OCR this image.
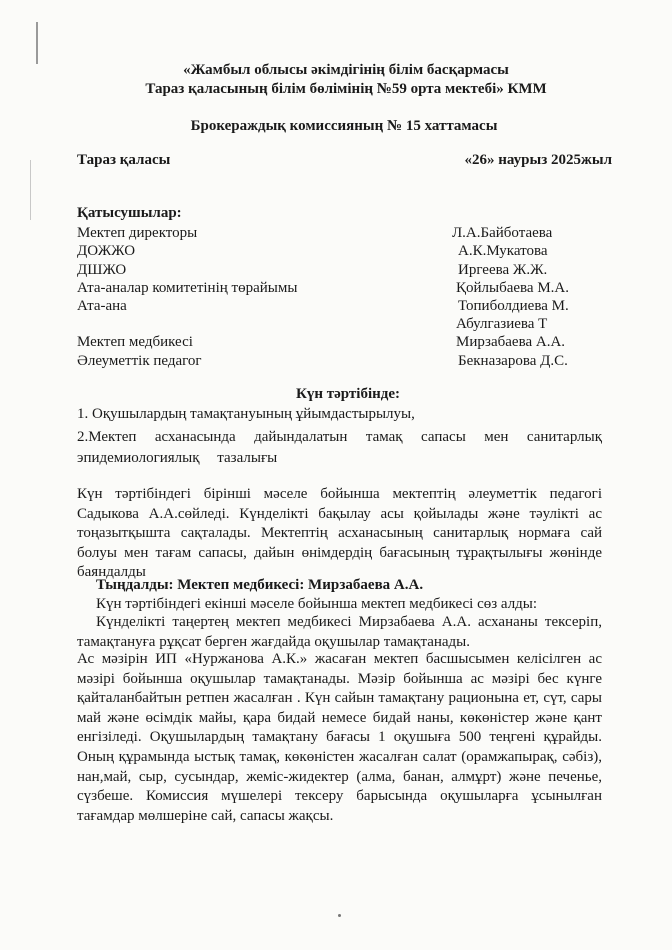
«Жамбыл облысы әкімдігінің білім басқармасы
Тараз қаласының білім бөлімінің №59 орта мектебі» КММ
Брокераждық комиссияның № 15 хаттамасы
Тараз қаласы	«26» наурыз 2025жыл
Қатысушылар:
Мектеп директоры	Л.А.Байботаева
ДОЖЖО	А.К.Мукатова
ДШЖО	Иргеева Ж.Ж.
Ата-аналар комитетінің төрайымы	Қойлыбаева М.А.
Ата-ана	Топиболдиева М.
Абулгазиева Т
Мектеп медбикесі	Мирзабаева А.А.
Әлеуметтік педагог	Бекназарова Д.С.
Күн тәртібінде:
1. Оқушылардың тамақтануының ұйымдастырылуы,
2.Мектеп асханасында дайындалатын тамақ сапасы мен санитарлық эпидемиологиялық тазалығы
Күн тәртібіндегі бірінші мәселе бойынша мектептің әлеуметтік педагогі Садыкова А.А.сөйледі. Күнделікті бақылау асы қойылады және тәулікті ас тоңазытқышта сақталады. Мектептің асханасының санитарлық нормаға сай болуы мен тағам сапасы, дайын өнімдердің бағасының тұрақтылығы жөнінде баяндалды
Тыңдалды: Мектеп медбикесі: Мирзабаева А.А.
Күн тәртібіндегі екінші мәселе бойынша мектеп медбикесі сөз алды:
Күнделікті таңертең мектеп медбикесі Мирзабаева А.А. асхананы тексеріп, тамақтануға рұқсат берген жағдайда оқушылар тамақтанады.
Ас мәзірін ИП «Нуржанова А.К.» жасаған мектеп басшысымен келісілген ас мәзірі бойынша оқушылар тамақтанады. Мәзір бойынша ас мәзірі бес күнге қайталанбайтын ретпен жасалған . Күн сайын тамақтану рационына ет, сүт, сары май және өсімдік майы, қара бидай немесе бидай наны, көкөністер және қант енгізіледі. Оқушылардың тамақтану бағасы 1 оқушыға 500 теңгені құрайды. Оның құрамында ыстық тамақ, көкөністен жасалған салат (орамжапырақ, сәбіз), нан,май, сыр, сусындар, жеміс-жидектер (алма, банан, алмұрт) және печенье, сүзбеше. Комиссия мүшелері тексеру барысында оқушыларға ұсынылған тағамдар мөлшеріне сай, сапасы жақсы.
